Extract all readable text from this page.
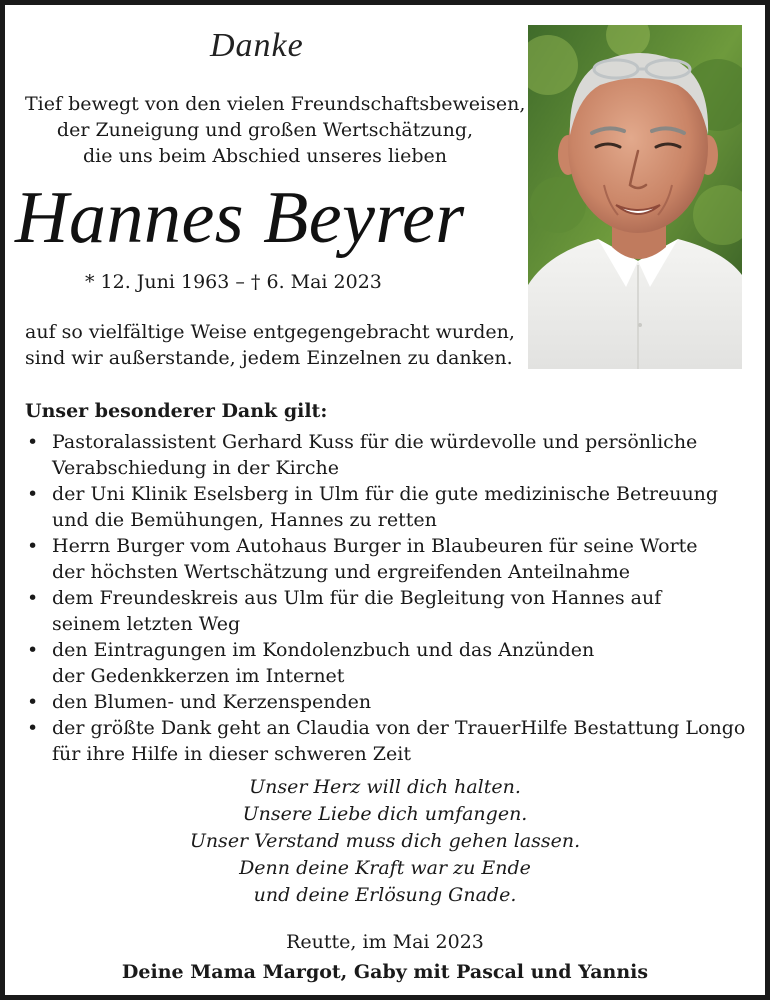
Danke
Tief bewegt von den vielen Freundschaftsbeweisen,
der Zuneigung und großen Wertschätzung,
die uns beim Abschied unseres lieben
Hannes Beyrer
* 12. Juni 1963 – † 6. Mai 2023
auf so vielfältige Weise entgegengebracht wurden,
sind wir außerstande, jedem Einzelnen zu danken.
Unser besonderer Dank gilt:
• Pastoralassistent Gerhard Kuss für die würdevolle und persönliche
Verabschiedung in der Kirche
• der Uni Klinik Eselsberg in Ulm für die gute medizinische Betreuung
und die Bemühungen, Hannes zu retten
• Herrn Burger vom Autohaus Burger in Blaubeuren für seine Worte
der höchsten Wertschätzung und ergreifenden Anteilnahme
• dem Freundeskreis aus Ulm für die Begleitung von Hannes auf
seinem letzten Weg
• den Eintragungen im Kondolenzbuch und das Anzünden
der Gedenkkerzen im Internet
• den Blumen- und Kerzenspenden
• der größte Dank geht an Claudia von der TrauerHilfe Bestattung Longo
für ihre Hilfe in dieser schweren Zeit
Unser Herz will dich halten.
Unsere Liebe dich umfangen.
Unser Verstand muss dich gehen lassen.
Denn deine Kraft war zu Ende
und deine Erlösung Gnade.
Reutte, im Mai 2023
Deine Mama Margot, Gaby mit Pascal und Yannis
